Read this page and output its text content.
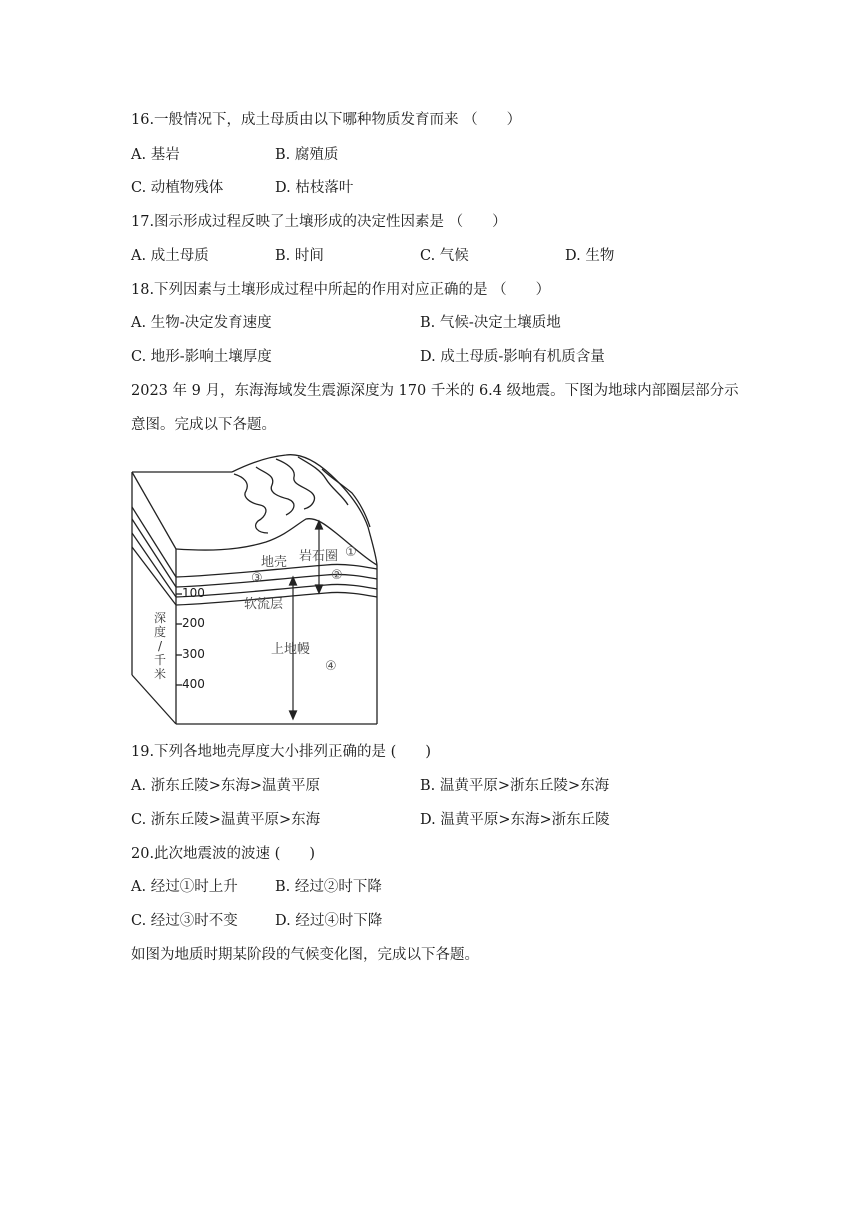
16.一般情况下，成土母质由以下哪种物质发育而来 （　　）
A. 基岩	B. 腐殖质
C. 动植物残体	D. 枯枝落叶
17.图示形成过程反映了土壤形成的决定性因素是 （　　）
A. 成土母质	B. 时间	C. 气候	D. 生物
18.下列因素与土壤形成过程中所起的作用对应正确的是 （　　）
A. 生物-决定发育速度	B. 气候-决定土壤质地
C. 地形-影响土壤厚度	D. 成土母质-影响有机质含量
2023 年 9 月，东海海域发生震源深度为 170 千米的 6.4 级地震。下图为地球内部圈层部分示
意图。完成以下各题。
地壳 岩石圈 ①
②
③
软流层
上地幔
④
100
200
300
400
深
度
/
千
米
19.下列各地地壳厚度大小排列正确的是 (　　)
A. 浙东丘陵>东海>温黄平原	B. 温黄平原>浙东丘陵>东海
C. 浙东丘陵>温黄平原>东海	D. 温黄平原>东海>浙东丘陵
20.此次地震波的波速 (　　)
A. 经过①时上升	B. 经过②时下降
C. 经过③时不变	D. 经过④时下降
如图为地质时期某阶段的气候变化图，完成以下各题。
